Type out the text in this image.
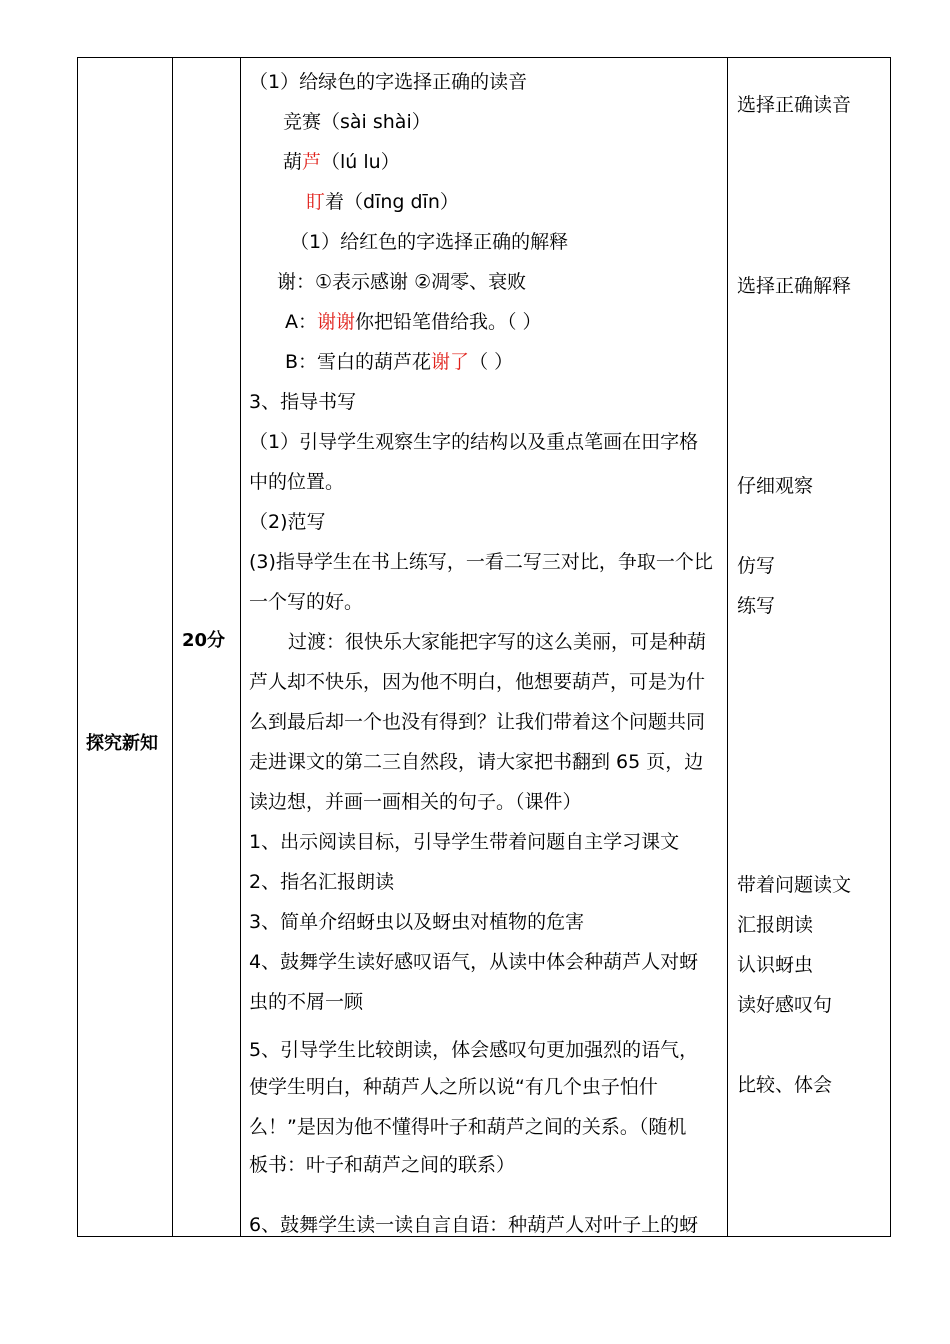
探究新知
20分
（1）给绿色的字选择正确的读音
竞赛（sài shài）
葫芦（lú lu）
盯着（dīng dīn）
（1）给红色的字选择正确的解释
谢：①表示感谢 ②凋零、衰败
A：谢谢你把铅笔借给我。（ ）
B：雪白的葫芦花谢了（ ）
3、指导书写
（1）引导学生观察生字的结构以及重点笔画在田字格
中的位置。
（2)范写
(3)指导学生在书上练写，一看二写三对比，争取一个比
一个写的好。
过渡：很快乐大家能把字写的这么美丽，可是种葫
芦人却不快乐，因为他不明白，他想要葫芦，可是为什
么到最后却一个也没有得到？让我们带着这个问题共同
走进课文的第二三自然段，请大家把书翻到 65 页，边
读边想，并画一画相关的句子。（课件）
1、出示阅读目标，引导学生带着问题自主学习课文
2、指名汇报朗读
3、简单介绍蚜虫以及蚜虫对植物的危害
4、鼓舞学生读好感叹语气，从读中体会种葫芦人对蚜
虫的不屑一顾
5、引导学生比较朗读，体会感叹句更加强烈的语气，
使学生明白，种葫芦人之所以说“有几个虫子怕什
么！”是因为他不懂得叶子和葫芦之间的关系。（随机
板书：叶子和葫芦之间的联系）
6、鼓舞学生读一读自言自语：种葫芦人对叶子上的蚜
选择正确读音
选择正确解释
仔细观察
仿写
练写
带着问题读文
汇报朗读
认识蚜虫
读好感叹句
比较、体会
